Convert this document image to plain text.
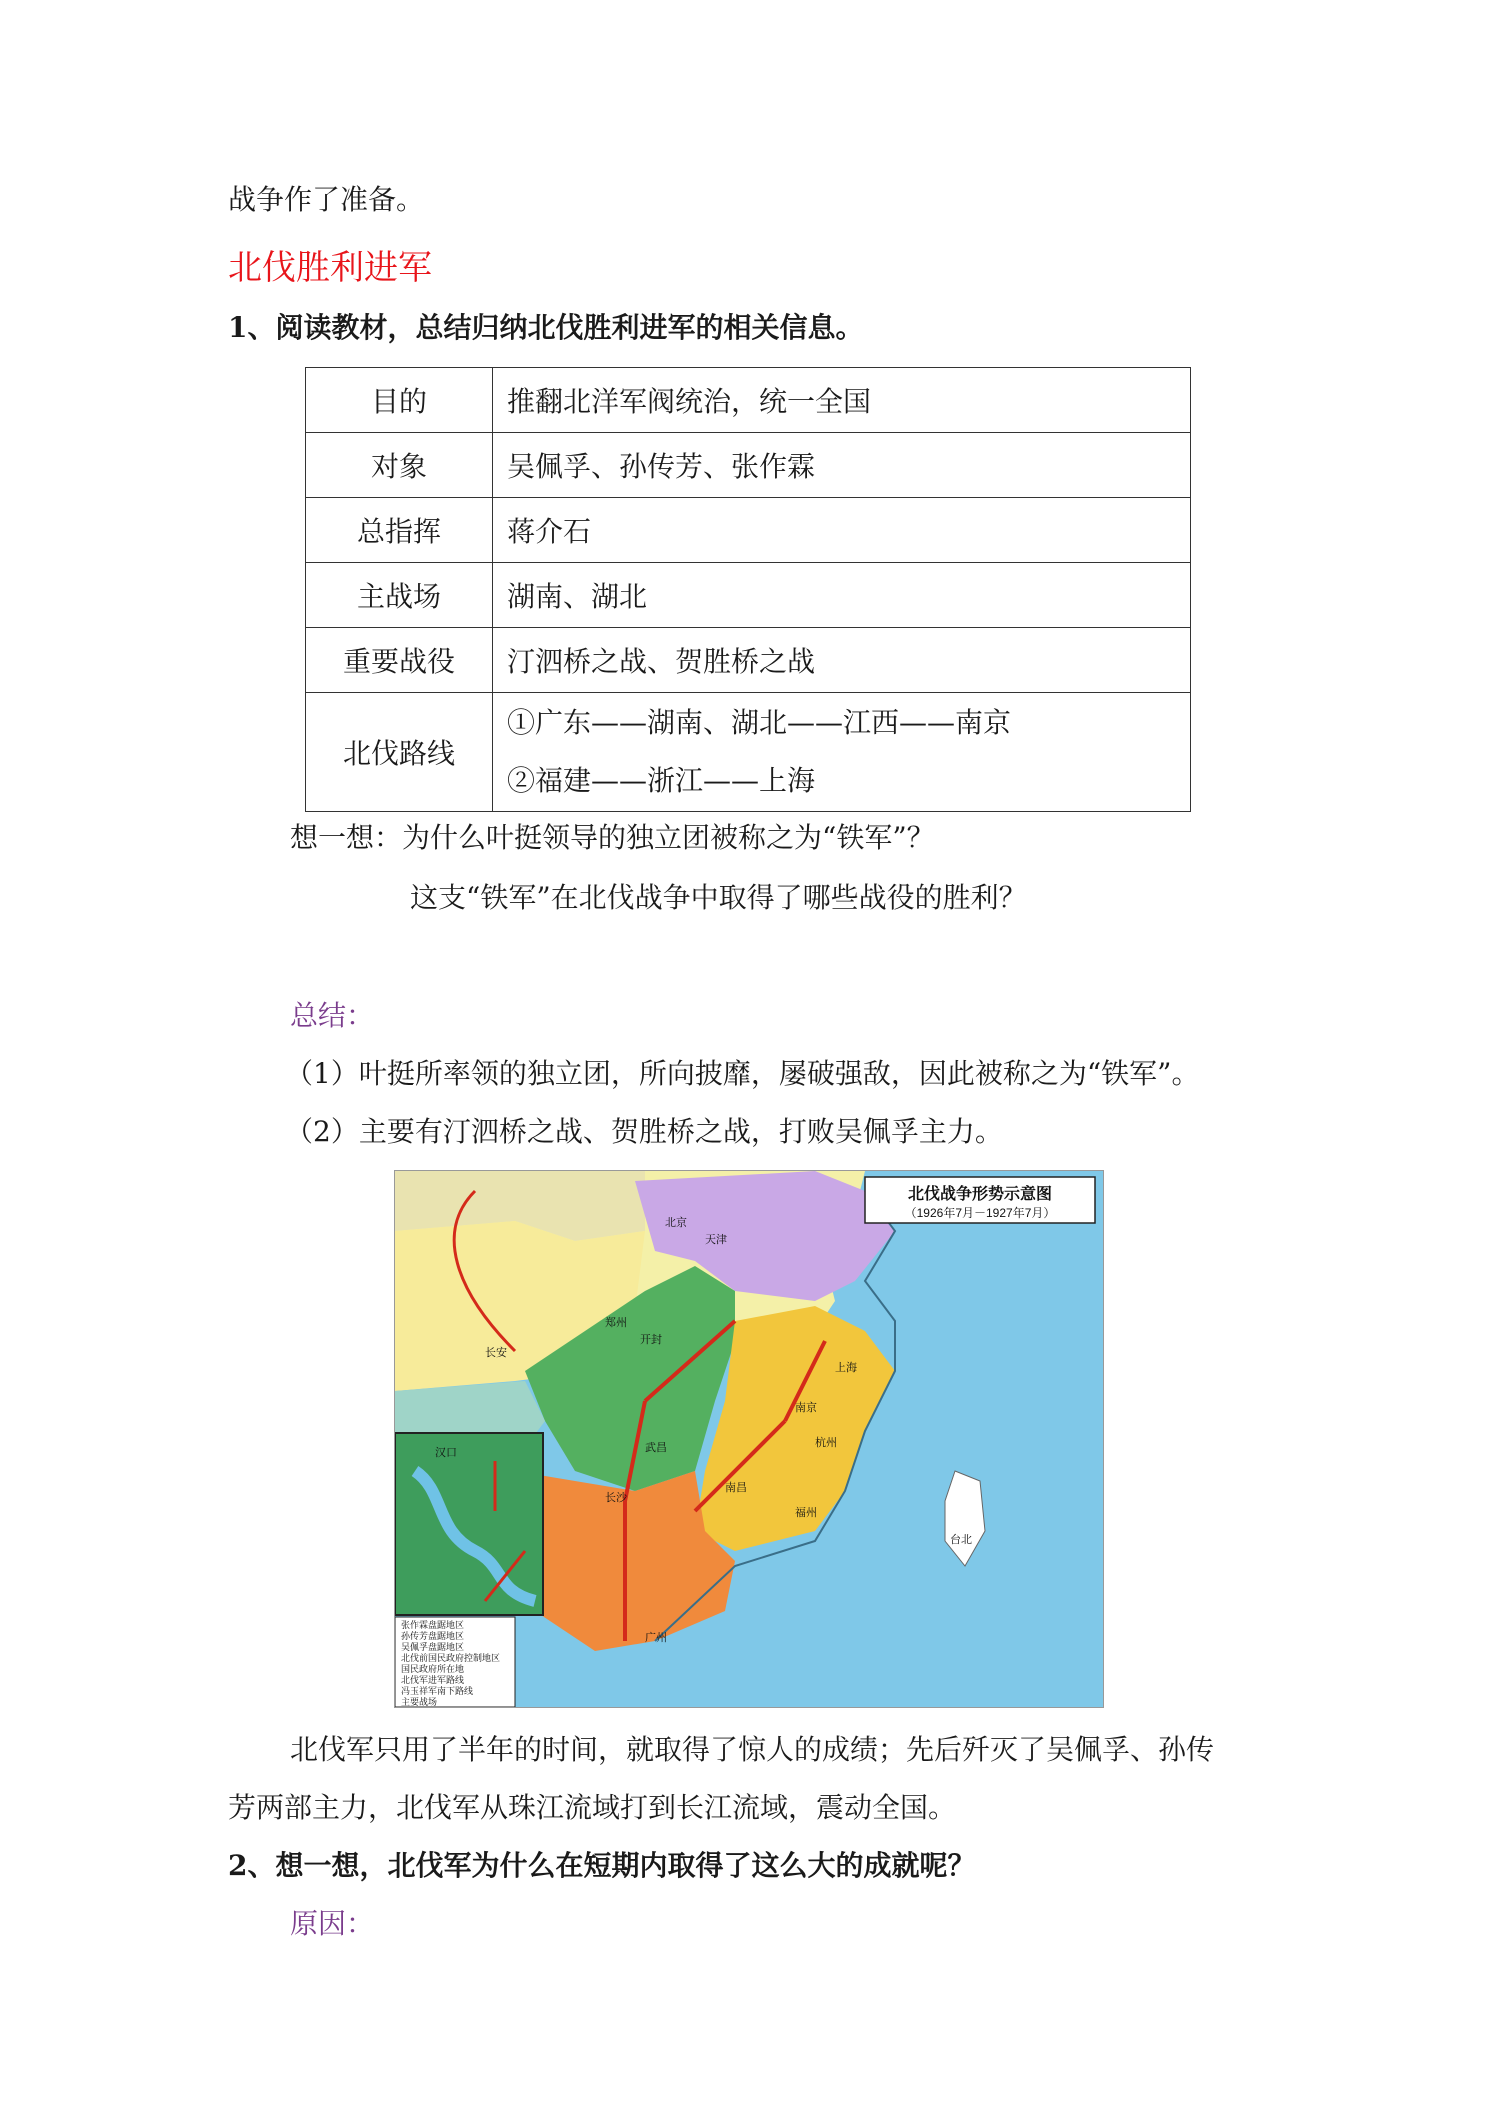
战争作了准备。
北伐胜利进军
1、阅读教材，总结归纳北伐胜利进军的相关信息。
目的	推翻北洋军阀统治，统一全国
对象	吴佩孚、孙传芳、张作霖
总指挥	蒋介石
主战场	湖南、湖北
重要战役	汀泗桥之战、贺胜桥之战
北伐路线	①广东——湖南、湖北——江西——南京
②福建——浙江——上海
想一想：为什么叶挺领导的独立团被称之为“铁军”？
这支“铁军”在北伐战争中取得了哪些战役的胜利？
总结：
（1）叶挺所率领的独立团，所向披靡，屡破强敌，因此被称之为“铁军”。
（2）主要有汀泗桥之战、贺胜桥之战，打败吴佩孚主力。
北伐战争形势示意图
（1926年7月－1927年7月）
北京
天津
郑州
开封
长安
武昌
汉口
长沙
南昌
南京
上海
杭州
福州
广州
台北
张作霖盘踞地区
孙传芳盘踞地区
吴佩孚盘踞地区
北伐前国民政府控制地区
国民政府所在地
北伐军进军路线
冯玉祥军南下路线
主要战场
北伐军只用了半年的时间，就取得了惊人的成绩；先后歼灭了吴佩孚、孙传
芳两部主力，北伐军从珠江流域打到长江流域，震动全国。
2、想一想，北伐军为什么在短期内取得了这么大的成就呢？
原因：
